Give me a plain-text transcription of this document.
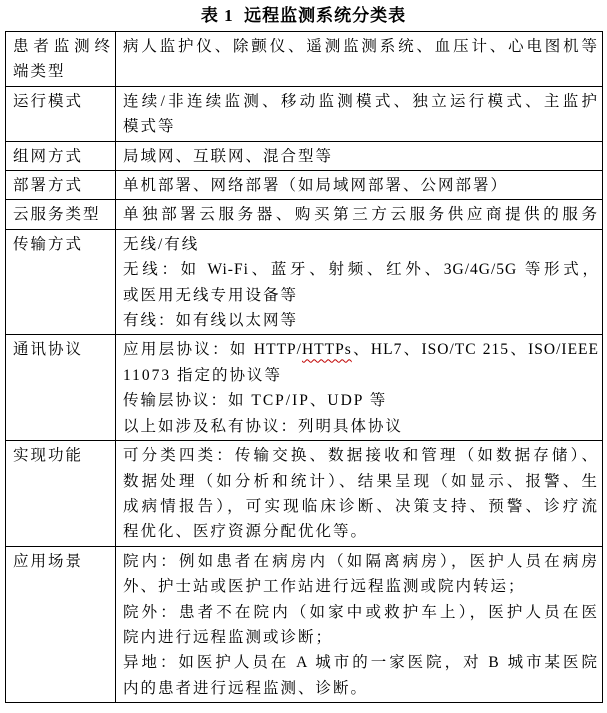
表 1  远程监测系统分类表
患者监测终端类型	病人监护仪、除颤仪、遥测监测系统、血压计、心电图机等

运行模式	连续/非连续监测、移动监测模式、独立运行模式、主监护
模式等

组网方式	局域网、互联网、混合型等

部署方式	单机部署、网络部署（如局域网部署、公网部署）

云服务类型	单独部署云服务器、购买第三方云服务供应商提供的服务

传输方式	无线/有线
无线：如 Wi-Fi、蓝牙、射频、红外、3G/4G/5G 等形式，
或医用无线专用设备等
有线：如有线以太网等

通讯协议	应用层协议：如 HTTP/HTTPs、HL7、ISO/TC 215、ISO/IEEE
11073 指定的协议等
传输层协议：如 TCP/IP、UDP 等
以上如涉及私有协议：列明具体协议

实现功能	可分类四类：传输交换、数据接收和管理（如数据存储）、
数据处理（如分析和统计）、结果呈现（如显示、报警、生
成病情报告），可实现临床诊断、决策支持、预警、诊疗流
程优化、医疗资源分配优化等。

应用场景	院内：例如患者在病房内（如隔离病房），医护人员在病房
外、护士站或医护工作站进行远程监测或院内转运；
院外：患者不在院内（如家中或救护车上），医护人员在医
院内进行远程监测或诊断；
异地：如医护人员在 A 城市的一家医院，对 B 城市某医院
内的患者进行远程监测、诊断。
